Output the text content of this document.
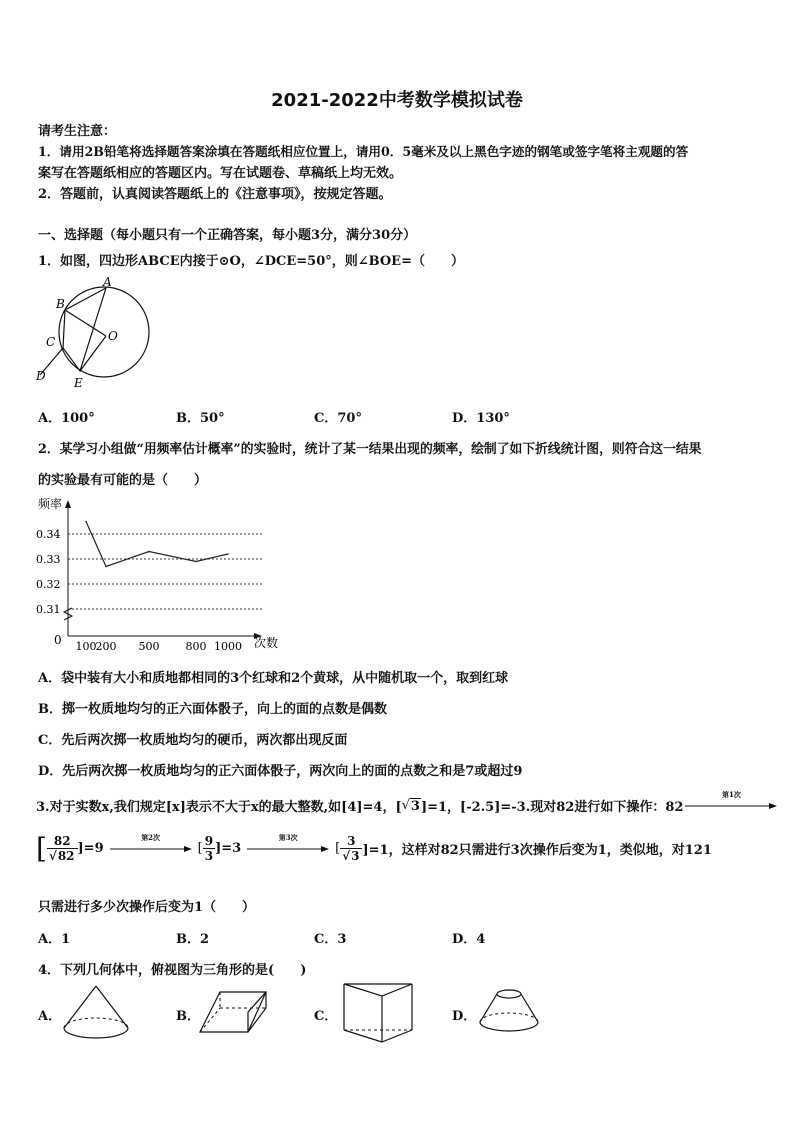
2021-2022中考数学模拟试卷
请考生注意：
1．请用2B铅笔将选择题答案涂填在答题纸相应位置上，请用0．5毫米及以上黑色字迹的钢笔或签字笔将主观题的答
案写在答题纸相应的答题区内。写在试题卷、草稿纸上均无效。
2．答题前，认真阅读答题纸上的《注意事项》，按规定答题。
一、选择题（每小题只有一个正确答案，每小题3分，满分30分）
1．如图，四边形ABCE内接于⊙O，∠DCE=50°，则∠BOE=（　　）
A
B
C	O
D E
A．100°	B．50°	C．70°	D．130°
2．某学习小组做“用频率估计概率”的实验时，统计了某一结果出现的频率，绘制了如下折线统计图，则符合这一结果
的实验最有可能的是（　　）
0.34
0.33
0.32
0.31
100 200 500 800 1000
频率
次数
0
A．袋中装有大小和质地都相同的3个红球和2个黄球，从中随机取一个，取到红球
B．掷一枚质地均匀的正六面体骰子，向上的面的点数是偶数
C．先后两次掷一枚质地均匀的硬币，两次都出现反面
D．先后两次掷一枚质地均匀的正六面体骰子，两次向上的面的点数之和是7或超过9
3.对于实数x,我们规定[x]表示不大于x的最大整数,如[4]=4，[ √ 3 ]=1，[-2.5]=-3.现对82进行如下操作：82
第1次
[ $\frac{82}{√82} ]=9$
第2次
[ $\frac{9}{3} ]=3$
第3次
[ $\frac{3}{√3} ]=1$，这样对82只需进行3次操作后变为1，类似地，对121
只需进行多少次操作后变为1（　　）
A．1	B．2	C．3	D．4
4．下列几何体中，俯视图为三角形的是(　　)
A．	B．	C．	D．
